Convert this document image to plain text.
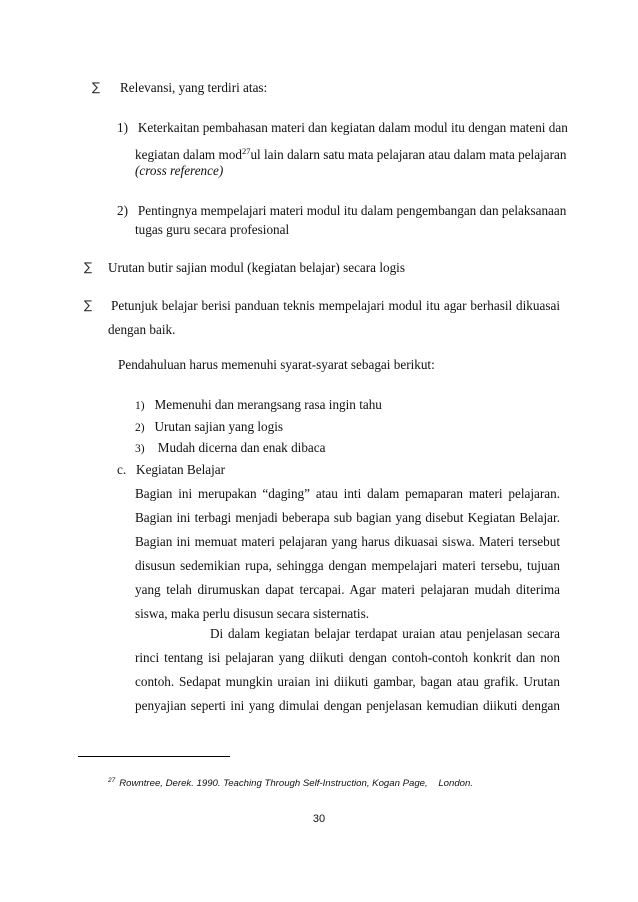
∑ Relevansi, yang terdiri atas:
1) Keterkaitan pembahasan materi dan kegiatan dalam modul itu dengan mateni dan
kegiatan dalam mod$^{27}$ul lain dalarn satu mata pelajaran atau dalam mata pelajaran
(cross reference)
2) Pentingnya mempelajari materi modul itu dalam pengembangan dan pelaksanaan
tugas guru secara profesional
∑ Urutan butir sajian modul (kegiatan belajar) secara logis
∑ Petunjuk belajar berisi panduan teknis mempelajari modul itu agar berhasil dikuasai
dengan baik.
Pendahuluan harus memenuhi syarat-syarat sebagai berikut:
1) Memenuhi dan merangsang rasa ingin tahu
2) Urutan sajian yang logis
3) Mudah dicerna dan enak dibaca
c.   Kegiatan Belajar
Bagian ini merupakan “daging” atau inti dalam pemaparan materi pelajaran.
Bagian ini terbagi menjadi beberapa sub bagian yang disebut Kegiatan Belajar.
Bagian ini memuat materi pelajaran yang harus dikuasai siswa. Materi tersebut
disusun sedemikian rupa, sehingga dengan mempelajari materi tersebu, tujuan
yang telah dirumuskan dapat tercapai. Agar materi pelajaran mudah diterima
siswa, maka perlu disusun secara sisternatis.
Di dalam kegiatan belajar terdapat uraian atau penjelasan secara
rinci tentang isi pelajaran yang diikuti dengan contoh-contoh konkrit dan non
contoh. Sedapat mungkin uraian ini diikuti gambar, bagan atau grafik. Urutan
penyajian seperti ini yang dimulai dengan penjelasan kemudian diikuti dengan
$^{27}$ Rowntree, Derek. 1990. Teaching Through Self-Instruction, Kogan Page,    London.
30
